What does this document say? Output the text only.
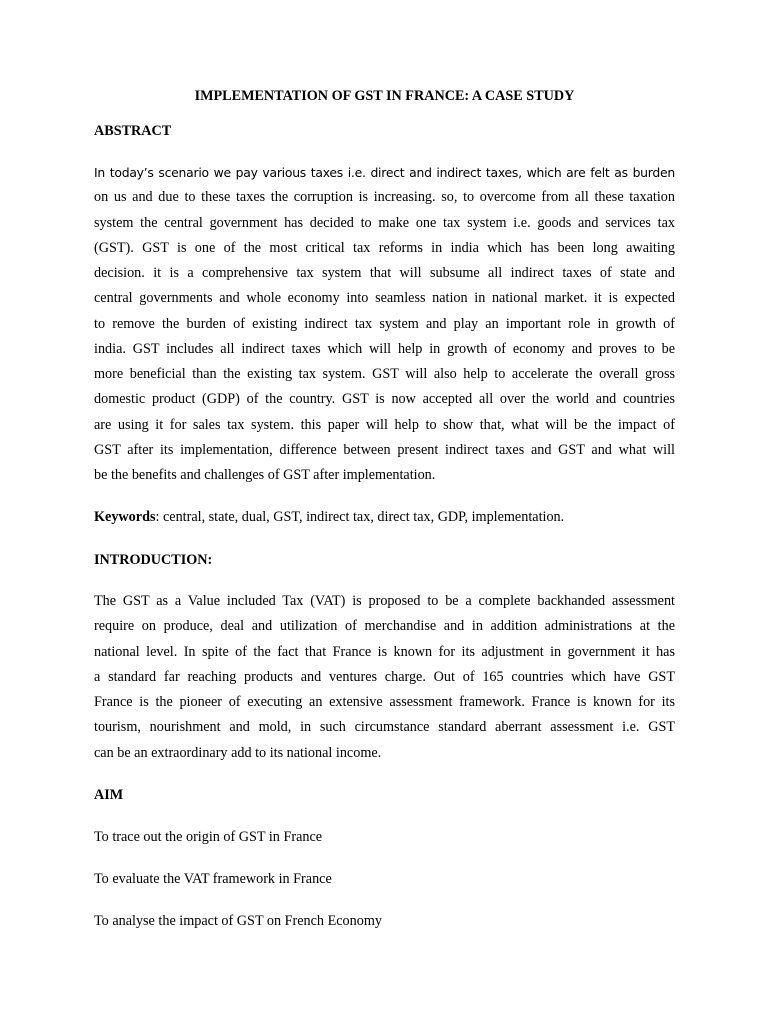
IMPLEMENTATION OF GST IN FRANCE: A CASE STUDY
ABSTRACT
In today’s scenario we pay various taxes i.e. direct and indirect taxes, which are felt as burden
on us and due to these taxes the corruption is increasing. so, to overcome from all these taxation
system the central government has decided to make one tax system i.e. goods and services tax
(GST). GST is one of the most critical tax reforms in india which has been long awaiting
decision. it is a comprehensive tax system that will subsume all indirect taxes of state and
central governments and whole economy into seamless nation in national market. it is expected
to remove the burden of existing indirect tax system and play an important role in growth of
india. GST includes all indirect taxes which will help in growth of economy and proves to be
more beneficial than the existing tax system. GST will also help to accelerate the overall gross
domestic product (GDP) of the country. GST is now accepted all over the world and countries
are using it for sales tax system. this paper will help to show that, what will be the impact of
GST after its implementation, difference between present indirect taxes and GST and what will
be the benefits and challenges of GST after implementation.
Keywords: central, state, dual, GST, indirect tax, direct tax, GDP, implementation.
INTRODUCTION:
The GST as a Value included Tax (VAT) is proposed to be a complete backhanded assessment
require on produce, deal and utilization of merchandise and in addition administrations at the
national level. In spite of the fact that France is known for its adjustment in government it has
a standard far reaching products and ventures charge. Out of 165 countries which have GST
France is the pioneer of executing an extensive assessment framework. France is known for its
tourism, nourishment and mold, in such circumstance standard aberrant assessment i.e. GST
can be an extraordinary add to its national income.
AIM
To trace out the origin of GST in France
To evaluate the VAT framework in France
To analyse the impact of GST on French Economy
